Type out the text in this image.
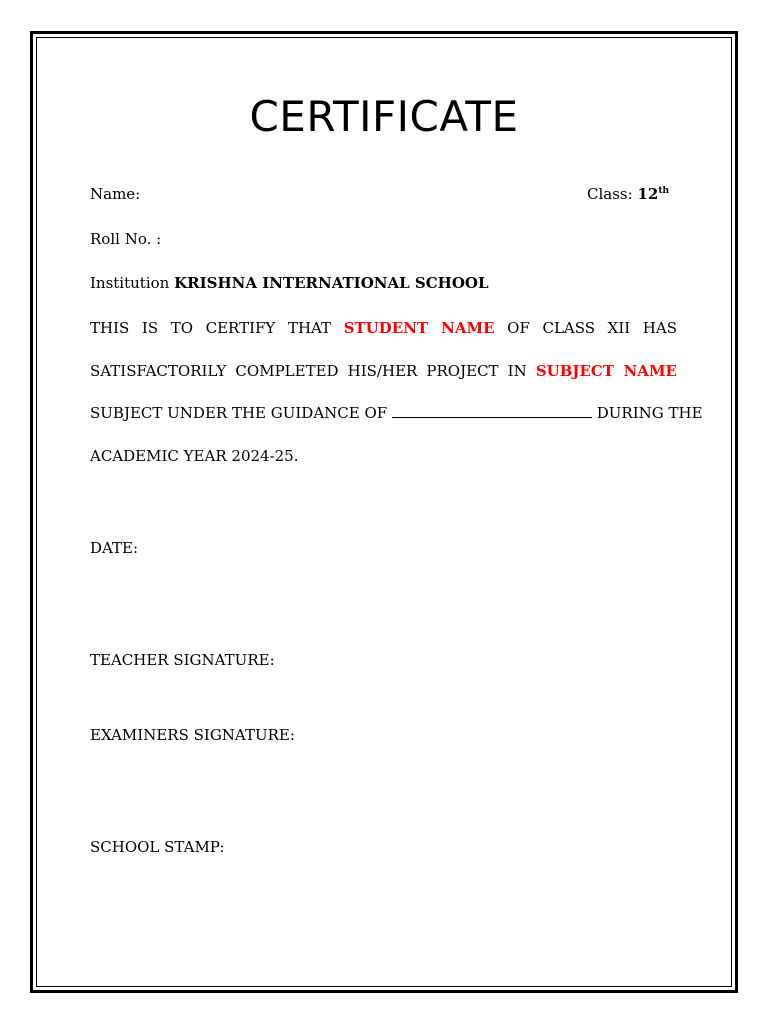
CERTIFICATE
Name:	Class: 12th
Roll No. :
Institution KRISHNA INTERNATIONAL SCHOOL
THIS IS TO CERTIFY THAT STUDENT NAME OF CLASS XII HAS
SATISFACTORILY COMPLETED HIS/HER PROJECT IN SUBJECT NAME
SUBJECT UNDER THE GUIDANCE OF	DURING THE
ACADEMIC YEAR 2024-25.
DATE:
TEACHER SIGNATURE:
EXAMINERS SIGNATURE:
SCHOOL STAMP:
